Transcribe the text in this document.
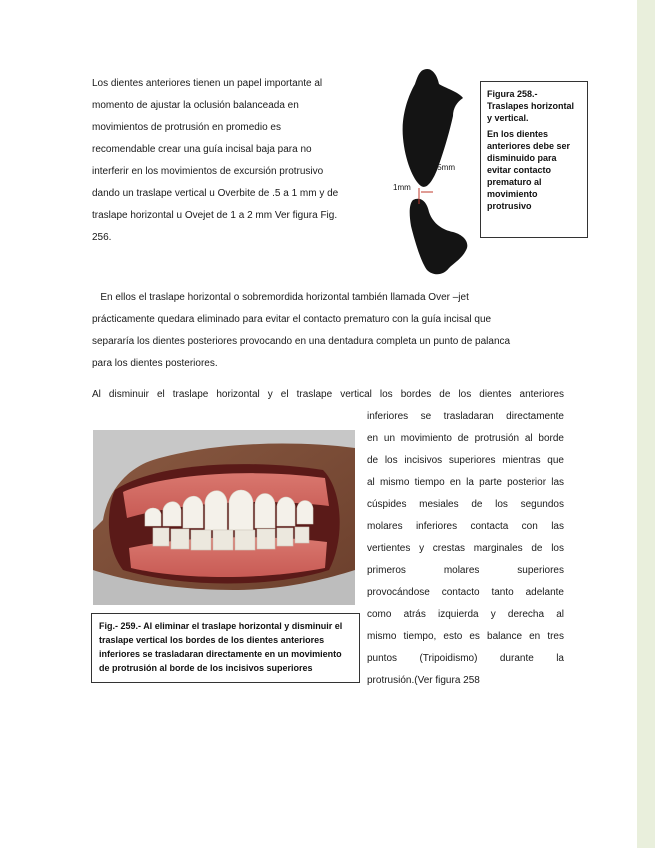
Los dientes anteriores tienen un papel importante al
momento de ajustar la oclusión balanceada en
movimientos de protrusión en promedio es
recomendable crear una guía incisal baja para no
interferir en los movimientos de excursión protrusivo
dando un traslape vertical u Overbite de .5 a 1 mm y de
traslape horizontal u Ovejet de 1 a 2 mm Ver figura Fig.
256.
.5mm
1mm
Figura 258.-
Traslapes horizontal y vertical.
En los dientes anteriores debe ser disminuido para evitar contacto prematuro al movimiento protrusivo
En ellos el traslape horizontal o sobremordida horizontal también llamada Over –jet
prácticamente quedara eliminado para evitar el contacto prematuro con la guía incisal que
separaría los dientes posteriores provocando en una dentadura completa un punto de palanca
para los dientes posteriores.
Al disminuir el traslape horizontal y el traslape vertical los bordes de los dientes anteriores
inferiores se trasladaran directamente
en un movimiento de protrusión al borde
de los incisivos superiores mientras que
al mismo tiempo en la parte posterior las
cúspides mesiales de los segundos
molares inferiores contacta con las
vertientes y crestas marginales de los
primeros molares superiores
provocándose contacto tanto adelante
como atrás izquierda y derecha al
mismo tiempo, esto es balance en tres
puntos (Tripoidismo) durante la
protrusión.(Ver figura 258
Fig.- 259.- Al eliminar el traslape horizontal y disminuir el traslape vertical los bordes de los dientes anteriores inferiores se trasladaran directamente en un movimiento de protrusión al borde de los incisivos superiores
